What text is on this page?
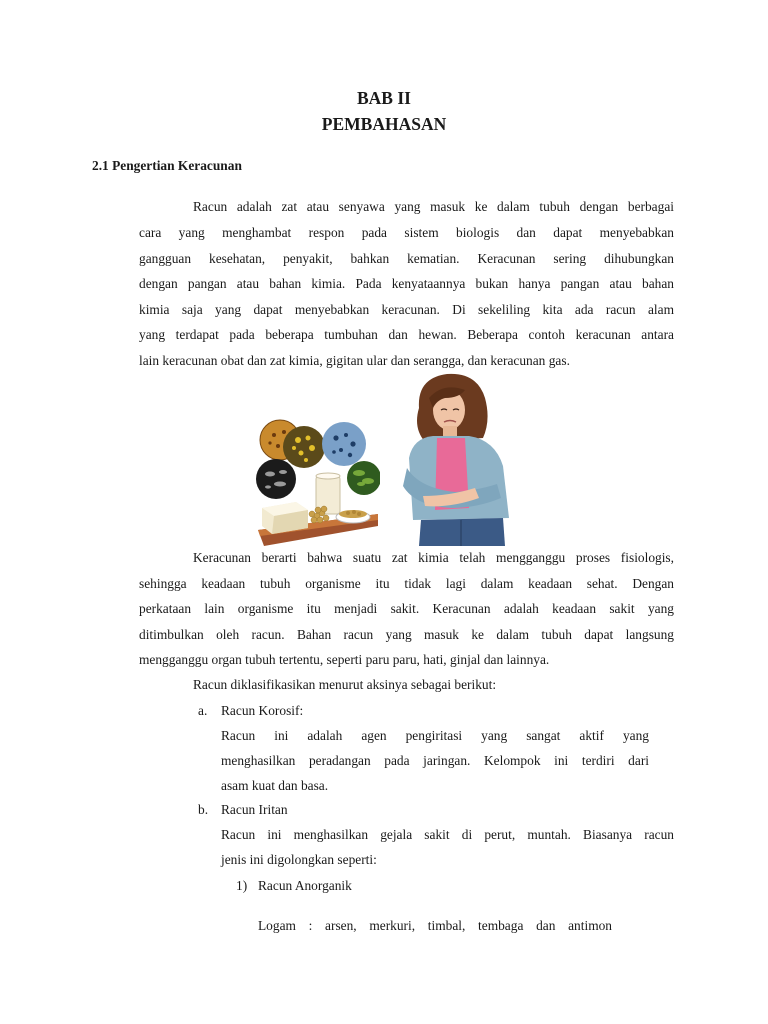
BAB II

PEMBAHASAN

2.1 Pengertian Keracunan

Racun adalah zat atau senyawa yang masuk ke dalam tubuh dengan berbagai

cara yang menghambat respon pada sistem biologis dan dapat menyebabkan

gangguan kesehatan, penyakit, bahkan kematian. Keracunan sering dihubungkan

dengan pangan atau bahan kimia. Pada kenyataannya bukan hanya pangan atau bahan

kimia saja yang dapat menyebabkan keracunan. Di sekeliling kita ada racun alam

yang terdapat pada beberapa tumbuhan dan hewan. Beberapa contoh keracunan antara

lain keracunan obat dan zat kimia, gigitan ular dan serangga, dan keracunan gas.

Keracunan berarti bahwa suatu zat kimia telah mengganggu proses fisiologis,

sehingga keadaan tubuh organisme itu tidak lagi dalam keadaan sehat. Dengan

perkataan lain organisme itu menjadi sakit. Keracunan adalah keadaan sakit yang

ditimbulkan oleh racun. Bahan racun yang masuk ke dalam tubuh dapat langsung

mengganggu organ tubuh tertentu, seperti paru paru, hati, ginjal dan lainnya.

Racun diklasifikasikan menurut aksinya sebagai berikut:

a. Racun Korosif:

Racun ini adalah agen pengiritasi yang sangat aktif yang

menghasilkan peradangan pada jaringan. Kelompok ini terdiri dari

asam kuat dan basa.

b. Racun Iritan

Racun ini menghasilkan gejala sakit di perut, muntah. Biasanya racun

jenis ini digolongkan seperti:

1) Racun Anorganik

Logam : arsen, merkuri, timbal, tembaga dan antimon
